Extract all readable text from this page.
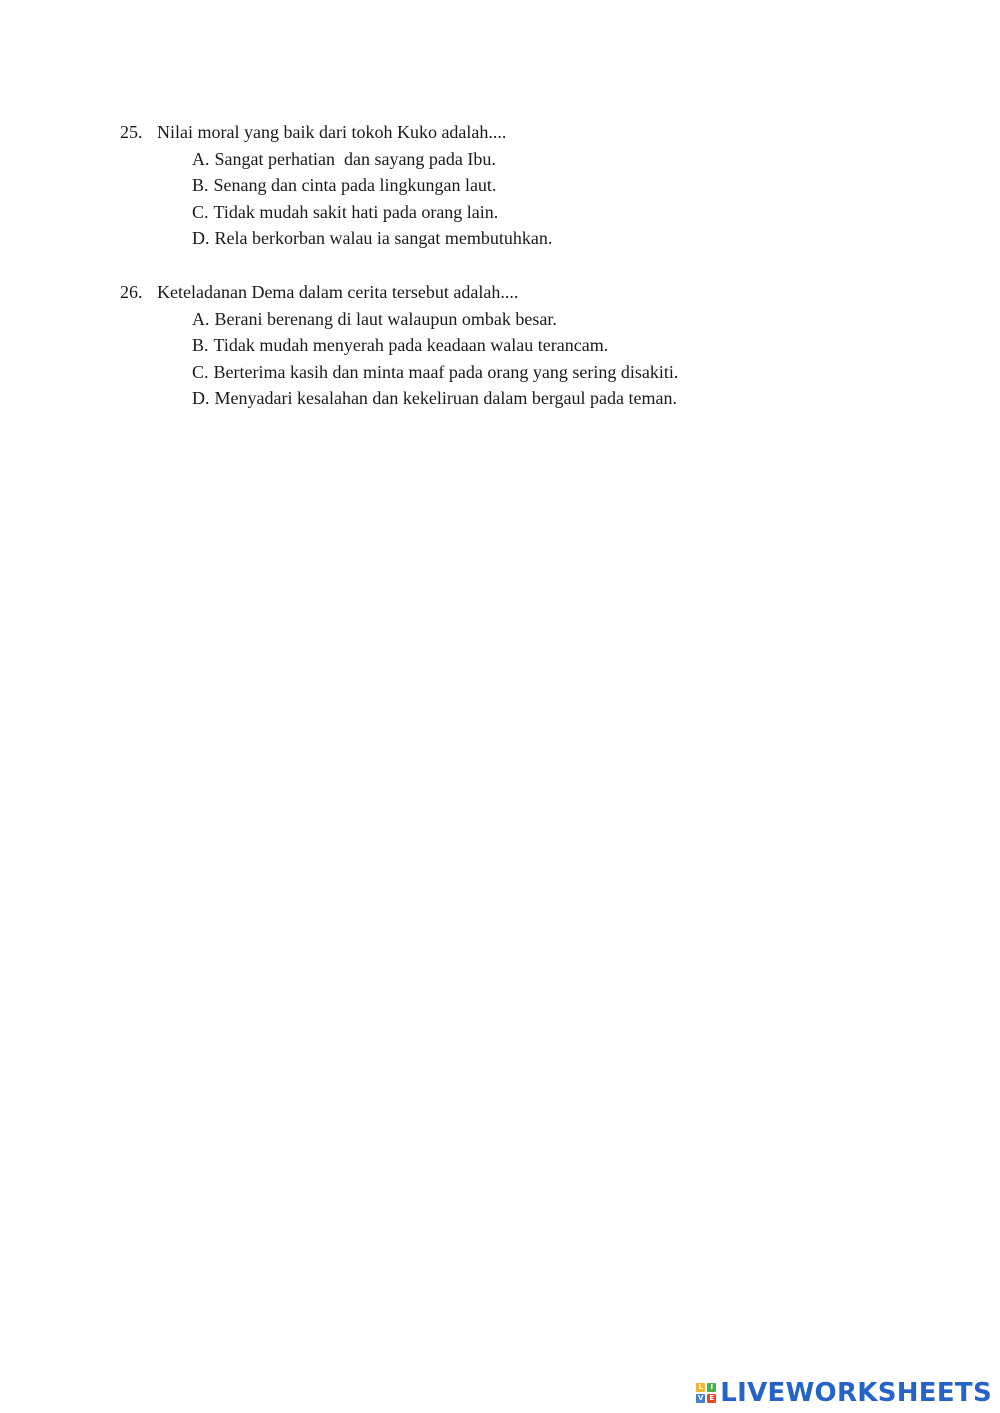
25. Nilai moral yang baik dari tokoh Kuko adalah....
A. Sangat perhatian  dan sayang pada Ibu.
B. Senang dan cinta pada lingkungan laut.
C. Tidak mudah sakit hati pada orang lain.
D. Rela berkorban walau ia sangat membutuhkan.
26. Keteladanan Dema dalam cerita tersebut adalah....
A. Berani berenang di laut walaupun ombak besar.
B. Tidak mudah menyerah pada keadaan walau terancam.
C. Berterima kasih dan minta maaf pada orang yang sering disakiti.
D. Menyadari kesalahan dan kekeliruan dalam bergaul pada teman.
L	I
V E LIVEWORKSHEETS
